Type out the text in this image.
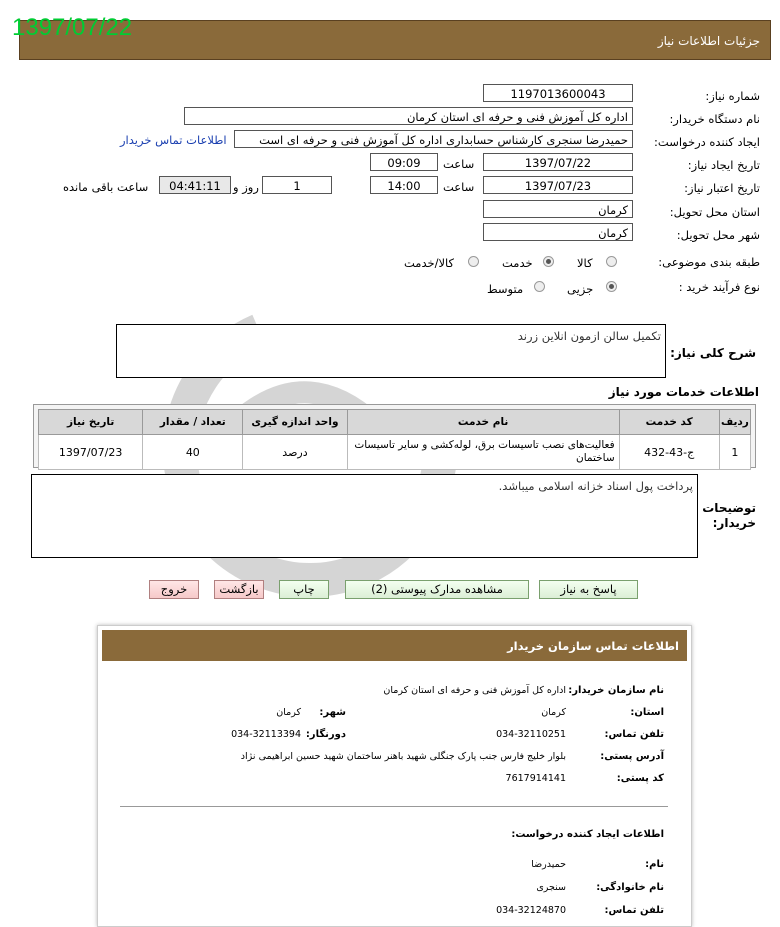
جزئیات اطلاعات نیاز
1397/07/22
شماره نیاز:
1197013600043
نام دستگاه خریدار:
اداره کل آموزش فنی و حرفه ای استان کرمان
ایجاد کننده درخواست:
حمیدرضا سنجری کارشناس حسابداری اداره کل آموزش فنی و حرفه ای است
اطلاعات تماس خریدار
تاریخ ایجاد نیاز:
1397/07/22
ساعت
09:09
تاریخ اعتبار نیاز:
1397/07/23
ساعت
14:00
1
روز و
04:41:11
ساعت باقی مانده
استان محل تحویل:
کرمان
شهر محل تحویل:
کرمان
طبقه بندی موضوعی:
کالا
خدمت
کالا/خدمت
نوع فرآیند خرید :
جزیی
متوسط
شرح کلی نیاز:
تکمیل سالن ازمون انلاین زرند
اطلاعات خدمات مورد نیاز
ردیف	کد خدمت	نام خدمت	واحد اندازه گیری	تعداد / مقدار	تاریخ نیاز
1	ج-43-432	فعالیت‌های نصب تاسیسات برق، لوله‌کشی و سایر تاسیسات ساختمان	درصد	40	1397/07/23
توضیحات
خریدار:
پرداخت پول اسناد خزانه اسلامی میباشد.
پاسخ به نیاز
مشاهده مدارک پیوستی (2)
چاپ
بازگشت
خروج
اطلاعات تماس سازمان خریدار
نام سازمان خریدار:
اداره کل آموزش فنی و حرفه ای استان کرمان
استان:
کرمان
شهر:
کرمان
تلفن تماس:
034-32110251
دورنگار:
034-32113394
آدرس پستی:
بلوار خلیج فارس جنب پارک جنگلی شهید باهنر ساختمان شهید حسین ابراهیمی نژاد
کد پستی:
7617914141
اطلاعات ایجاد کننده درخواست:
نام:
حمیدرضا
نام خانوادگی:
سنجری
تلفن تماس:
034-32124870
